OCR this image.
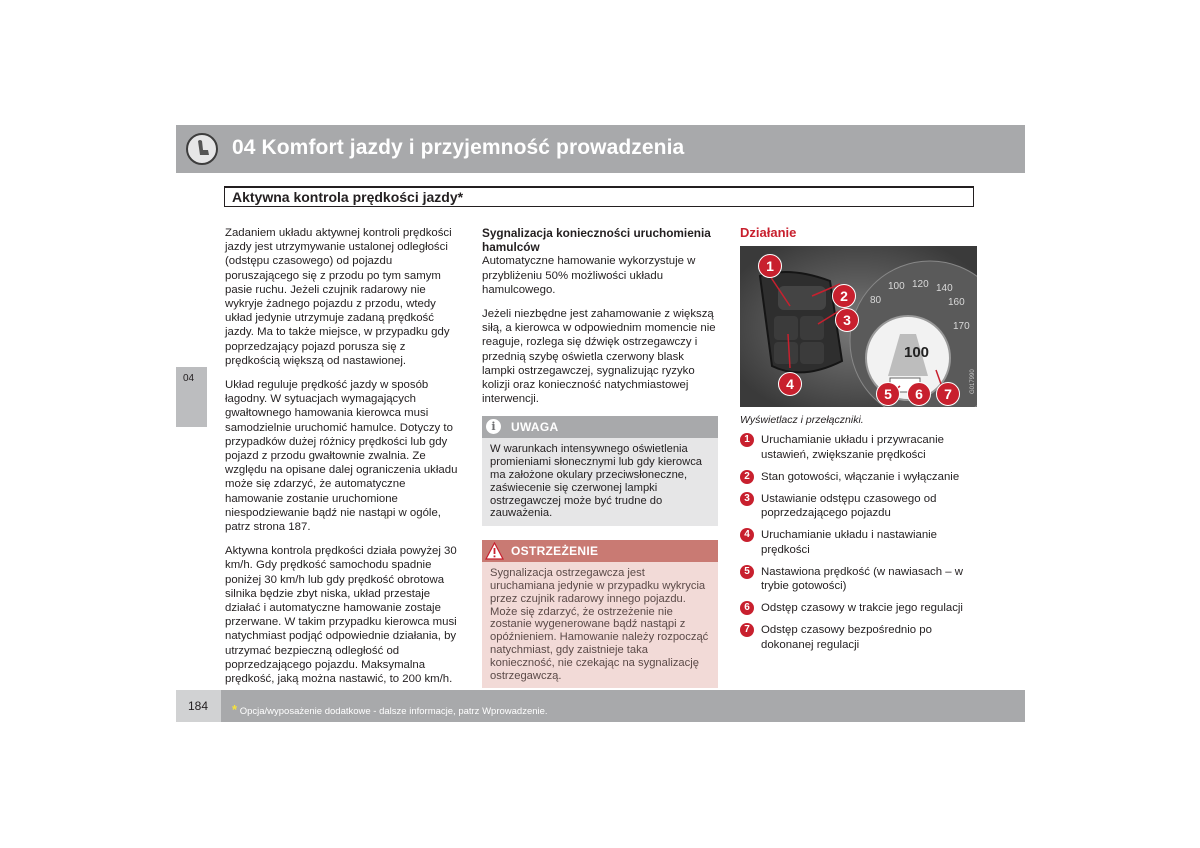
04 Komfort jazdy i przyjemność prowadzenia
Aktywna kontrola prędkości jazdy*
04

Zadaniem układu aktywnej kontroli prędkości jazdy jest utrzymywanie ustalonej odległości (odstępu czasowego) od pojazdu poruszającego się z przodu po tym samym pasie ruchu. Jeżeli czujnik radarowy nie wykryje żadnego pojazdu z przodu, wtedy układ jedynie utrzymuje zadaną prędkość jazdy. Ma to także miejsce, w przypadku gdy poprzedzający pojazd porusza się z prędkością większą od nastawionej.

Układ reguluje prędkość jazdy w sposób łagodny. W sytuacjach wymagających gwałtownego hamowania kierowca musi samodzielnie uruchomić hamulce. Dotyczy to przypadków dużej różnicy prędkości lub gdy pojazd z przodu gwałtownie zwalnia. Ze względu na opisane dalej ograniczenia układu może się zdarzyć, że automatyczne hamowanie zostanie uruchomione niespodziewanie bądź nie nastąpi w ogóle, patrz strona 187.

Aktywna kontrola prędkości działa powyżej 30 km/h. Gdy prędkość samochodu spadnie poniżej 30 km/h lub gdy prędkość obrotowa silnika będzie zbyt niska, układ przestaje działać i automatyczne hamowanie zostaje przerwane. W takim przypadku kierowca musi natychmiast podjąć odpowiednie działania, by utrzymać bezpieczną odległość od poprzedzającego pojazdu. Maksymalna prędkość, jaką można nastawić, to 200 km/h.

Sygnalizacja konieczności uruchomienia hamulców

Automatyczne hamowanie wykorzystuje w przybliżeniu 50% możliwości układu hamulcowego.

Jeżeli niezbędne jest zahamowanie z większą siłą, a kierowca w odpowiednim momencie nie reaguje, rozlega się dźwięk ostrzegawczy i przednią szybę oświetla czerwony blask lampki ostrzegawczej, sygnalizując ryzyko kolizji oraz konieczność natychmiastowej interwencji.

i	UWAGA
W warunkach intensywnego oświetlenia promieniami słonecznymi lub gdy kierowca ma założone okulary przeciwsłoneczne, zaświecenie się czerwonej lampki ostrzegawczej może być trudne do zauważenia.
OSTRZEŻENIE
Sygnalizacja ostrzegawcza jest uruchamiana jedynie w przypadku wykrycia przez czujnik radarowy innego pojazdu. Może się zdarzyć, że ostrzeżenie nie zostanie wygenerowane bądź nastąpi z opóźnieniem. Hamowanie należy rozpocząć natychmiast, gdy zaistnieje taka konieczność, nie czekając na sygnalizację ostrzegawczą.
Działanie
100 120 140
80	160
170
100
G017990
1
2
3
4
5	6	7
Wyświetlacz i przełączniki.
1 Uruchamianie układu i przywracanie ustawień, zwiększanie prędkości
2 Stan gotowości, włączanie i wyłączanie
3 Ustawianie odstępu czasowego od poprzedzającego pojazdu
4 Uruchamianie układu i nastawianie prędkości
5 Nastawiona prędkość (w nawiasach – w trybie gotowości)
6 Odstęp czasowy w trakcie jego regulacji
7 Odstęp czasowy bezpośrednio po dokonanej regulacji
184 * Opcja/wyposażenie dodatkowe - dalsze informacje, patrz Wprowadzenie.
